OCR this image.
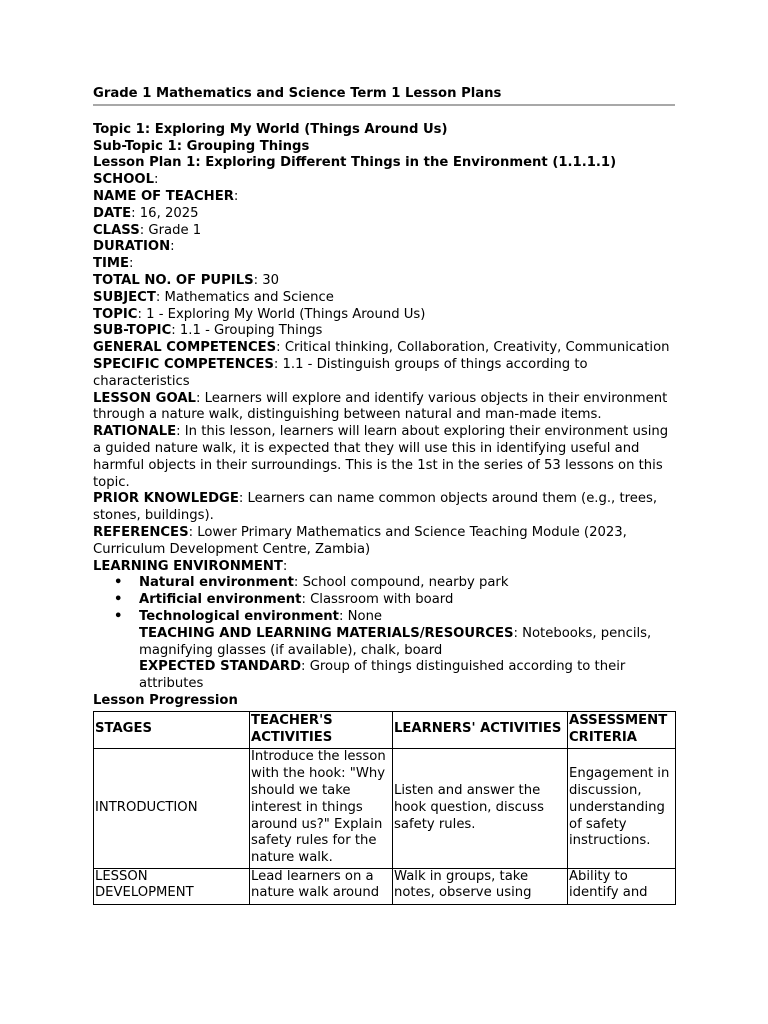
Grade 1 Mathematics and Science Term 1 Lesson Plans

Topic 1: Exploring My World (Things Around Us)

Sub-Topic 1: Grouping Things

Lesson Plan 1: Exploring Different Things in the Environment (1.1.1.1)

SCHOOL:

NAME OF TEACHER:

DATE: 16, 2025

CLASS: Grade 1

DURATION:

TIME:

TOTAL NO. OF PUPILS: 30

SUBJECT: Mathematics and Science

TOPIC: 1 - Exploring My World (Things Around Us)

SUB-TOPIC: 1.1 - Grouping Things

GENERAL COMPETENCES: Critical thinking, Collaboration, Creativity, Communication

SPECIFIC COMPETENCES: 1.1 - Distinguish groups of things according to characteristics

LESSON GOAL: Learners will explore and identify various objects in their environment through a nature walk, distinguishing between natural and man-made items.

RATIONALE: In this lesson, learners will learn about exploring their environment using a guided nature walk, it is expected that they will use this in identifying useful and harmful objects in their surroundings. This is the 1st in the series of 53 lessons on this topic.

PRIOR KNOWLEDGE: Learners can name common objects around them (e.g., trees, stones, buildings).

REFERENCES: Lower Primary Mathematics and Science Teaching Module (2023, Curriculum Development Centre, Zambia)

LEARNING ENVIRONMENT:

• Natural environment: School compound, nearby park
• Artificial environment: Classroom with board
• Technological environment: None

TEACHING AND LEARNING MATERIALS/RESOURCES: Notebooks, pencils, magnifying glasses (if available), chalk, board

EXPECTED STANDARD: Group of things distinguished according to their attributes

Lesson Progression

STAGES	TEACHER'S ACTIVITIES	LEARNERS' ACTIVITIES	ASSESSMENT CRITERIA
INTRODUCTION	Introduce the lesson with the hook: "Why should we take interest in things around us?" Explain safety rules for the nature walk.	Listen and answer the hook question, discuss safety rules.	Engagement in discussion, understanding of safety instructions.
LESSON DEVELOPMENT	Lead learners on a nature walk around	Walk in groups, take notes, observe using	Ability to identify and
